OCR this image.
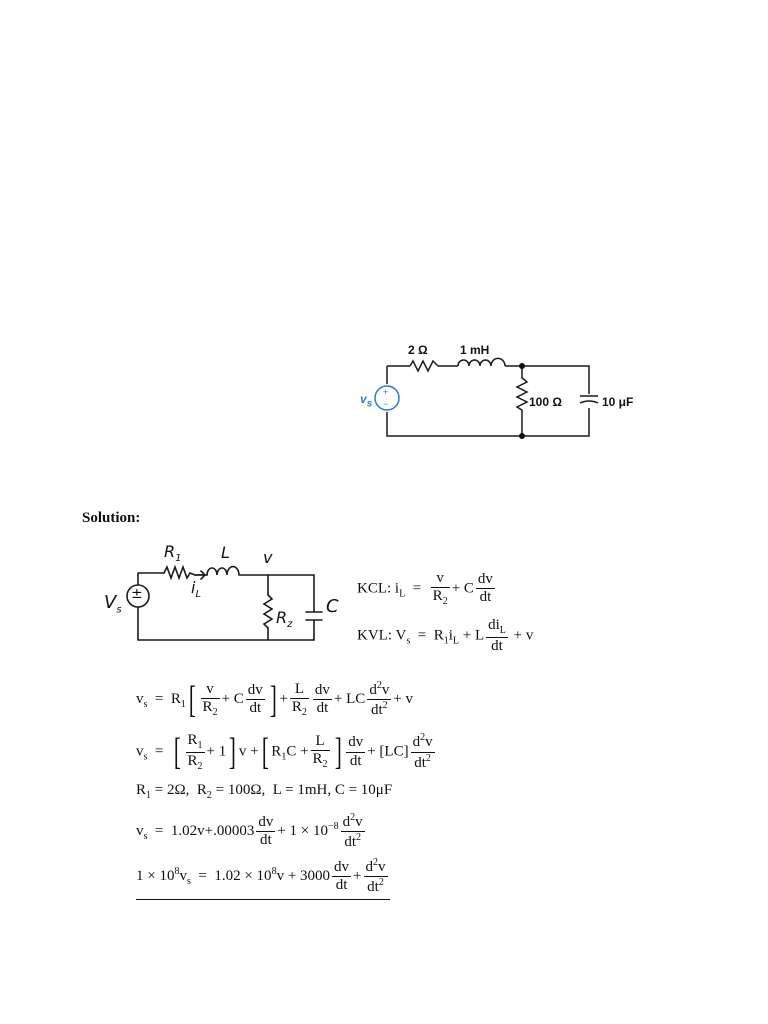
2 Ω	1 mH
100 Ω	10 μF
$v_s$
+
−
Solution:
$R_1$ L
$i_L$
v
$V_s$
±
$R_z$
C
KCL: $i_L = \frac{v}{R_2} + C \frac{dv}{dt}$
KVL: $V_s = R_1i_L + L \frac{di_L}{dt} + v$
$v_s = R_1[ \frac{v}{R_2} + C \frac{dv}{dt}$ ] + $\frac{L}{R_2} \frac{dv}{dt}$ + LC $\frac{d^2v}{dt^2} + v$
$v_s$ = [ $\frac{R_1}{R_2} + 1$] v +[ $R_1C + \frac{L}{R_2}$ ] $\frac{dv}{dt} + [LC] \frac{d^2v}{dt^2}$
$R_1 = 2\Omega$, $R_2 = 100\Omega$, L = 1mH, C = 10μF
$v_s = 1.02v+.00003 \frac{dv}{dt} + 1 \times 10^{-8} \frac{d^2v}{dt^2}$
$1 \times 10^8v_s = 1.02 \times 10^8v + 3000 \frac{dv}{dt} + \frac{d^2v}{dt^2}$
